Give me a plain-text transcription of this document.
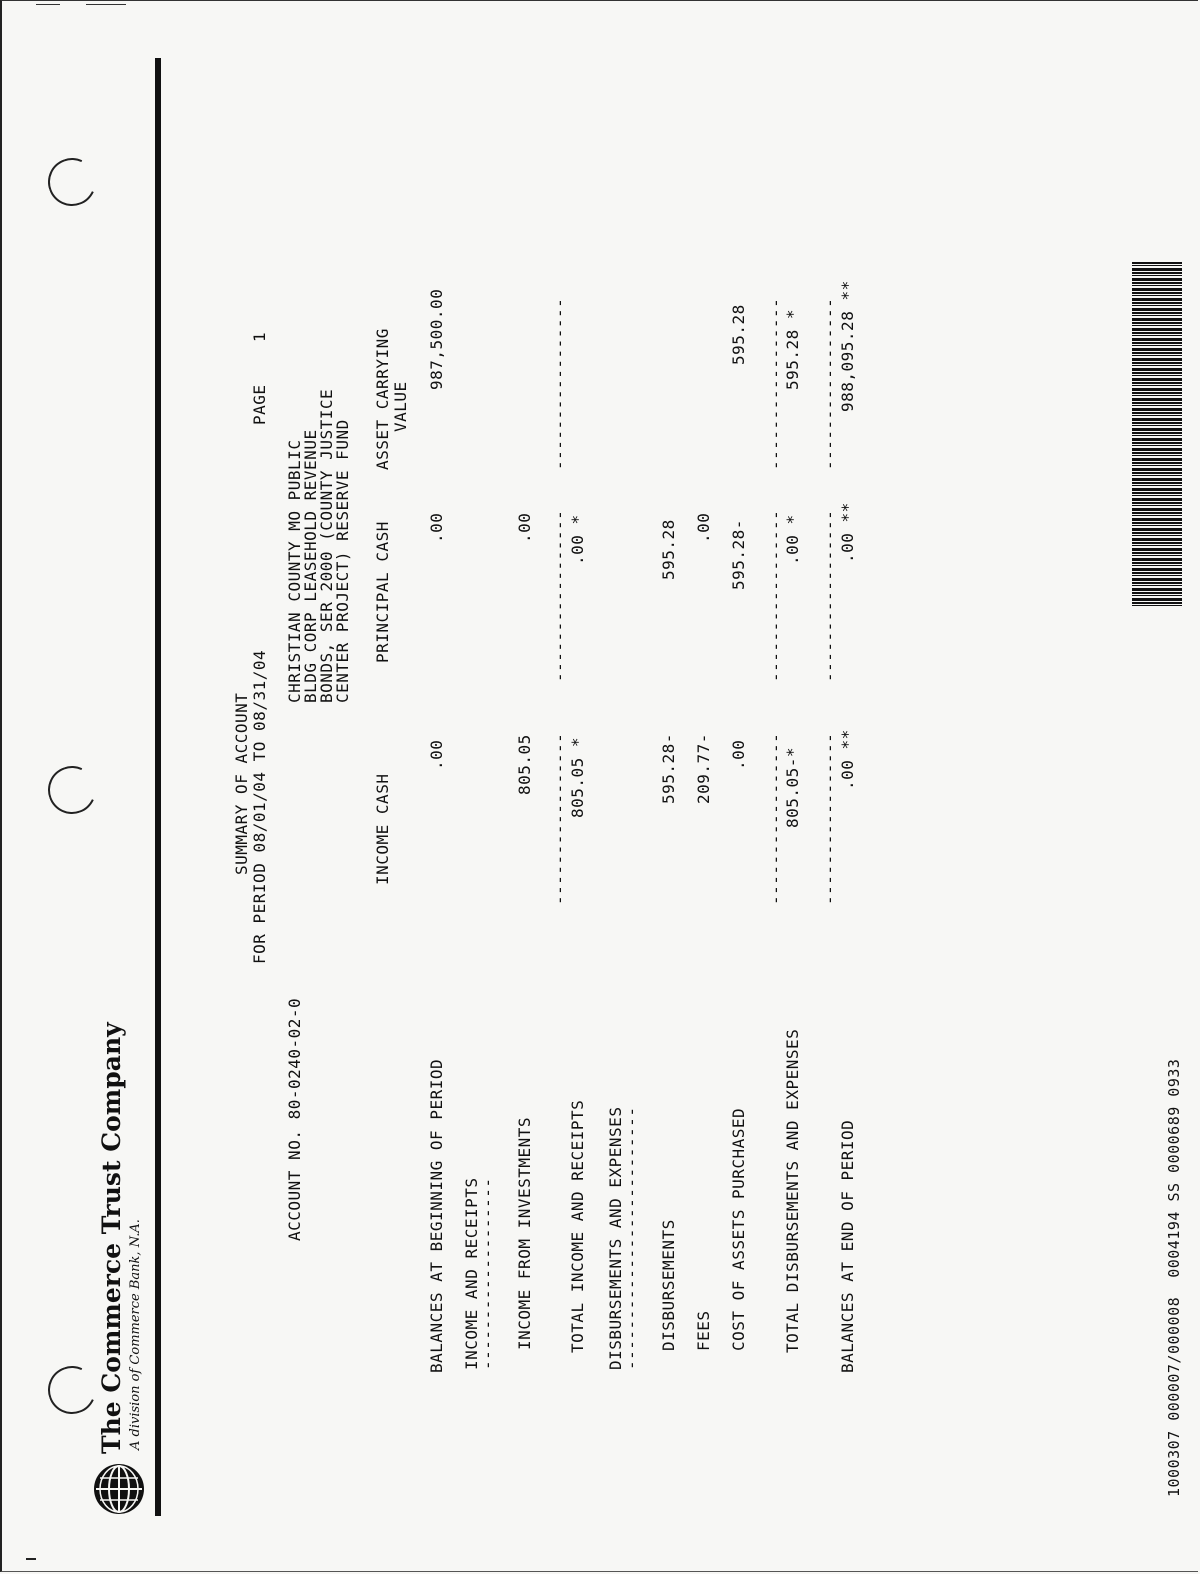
The Commerce Trust Company A division of Commerce Bank, N.A.
ACCOUNT NO. 80-0240-02-0
SUMMARY OF ACCOUNT FOR PERIOD 08/01/04 TO 08/31/04
PAGE
1
CHRISTIAN COUNTY MO PUBLIC
BLDG CORP LEASEHOLD REVENUE
BONDS, SER 2000 (COUNTY JUSTICE
CENTER PROJECT) RESERVE FUND
INCOME CASH
PRINCIPAL CASH
ASSET CARRYING VALUE
BALANCES AT BEGINNING OF PERIOD INCOME AND RECEIPTS
------------------- INCOME FROM INVESTMENTS TOTAL INCOME AND RECEIPTS DISBURSEMENTS AND EXPENSES
-------------------------- DISBURSEMENTS FEES COST OF ASSETS PURCHASED TOTAL DISBURSEMENTS AND EXPENSES BALANCES AT END OF PERIOD
.00
.00
987,500.00
805.05
.00
-----------------
-----------------
-----------------
805.05 *
.00 *
595.28-
595.28
209.77-
.00
.00
595.28-
595.28
-----------------
-----------------
-----------------
805.05-*
.00 *
595.28 *
-----------------
-----------------
-----------------
.00 **
.00 **
988,095.28 **
1000307 000007/000008  0004194 SS 0000689 0933
